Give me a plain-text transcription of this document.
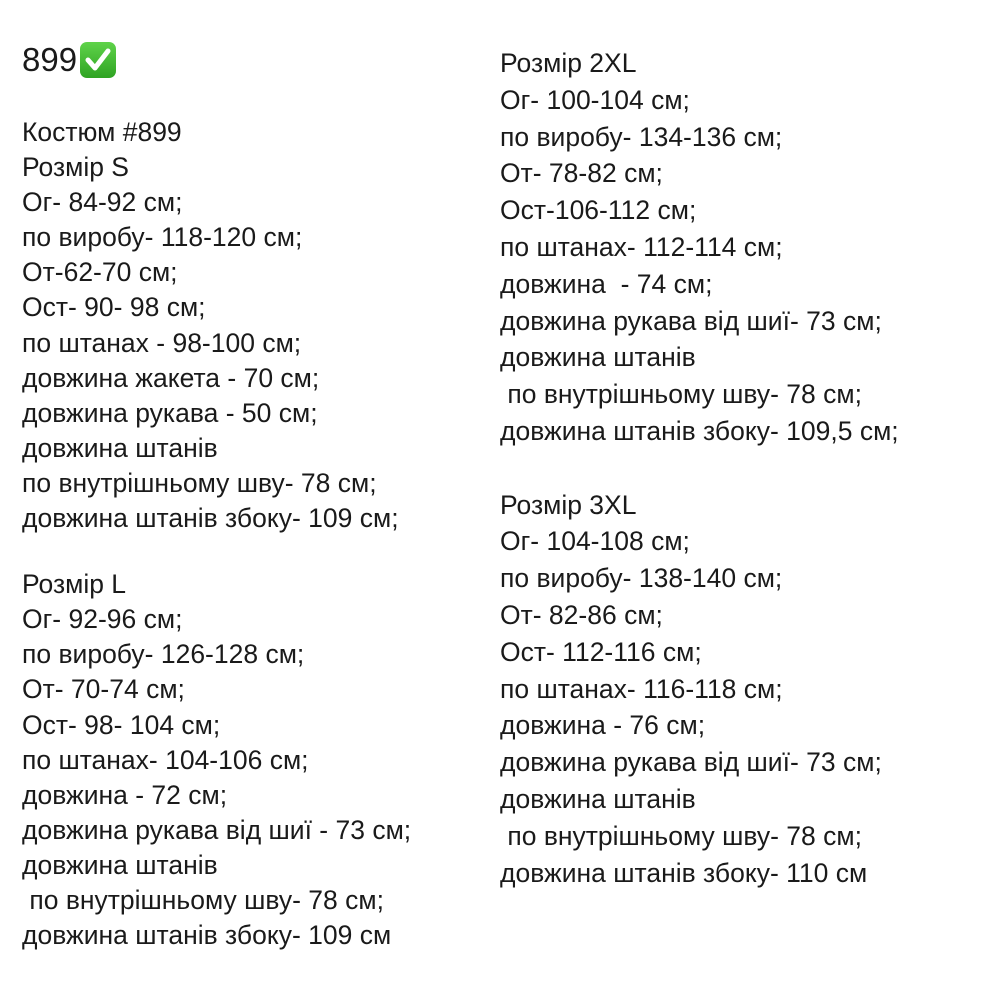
899
Костюм #899
Розмір S
Ог- 84-92 см;
по виробу- 118-120 см;
От-62-70 см;
Ост- 90- 98 см;
по штанах - 98-100 см;
довжина жакета - 70 см;
довжина рукава - 50 см;
довжина штанів
по внутрішньому шву- 78 см;
довжина штанів збоку- 109 см;
Розмір L
Ог- 92-96 см;
по виробу- 126-128 см;
От- 70-74 см;
Ост- 98- 104 см;
по штанах- 104-106 см;
довжина - 72 см;
довжина рукава від шиї - 73 см;
довжина штанів
по внутрішньому шву- 78 см;
довжина штанів збоку- 109 см
Розмір 2XL
Ог- 100-104 см;
по виробу- 134-136 см;
От- 78-82 см;
Ост-106-112 см;
по штанах- 112-114 см;
довжина  - 74 см;
довжина рукава від шиї- 73 см;
довжина штанів
по внутрішньому шву- 78 см;
довжина штанів збоку- 109,5 см;
Розмір 3XL
Ог- 104-108 см;
по виробу- 138-140 см;
От- 82-86 см;
Ост- 112-116 см;
по штанах- 116-118 см;
довжина - 76 см;
довжина рукава від шиї- 73 см;
довжина штанів
по внутрішньому шву- 78 см;
довжина штанів збоку- 110 см
